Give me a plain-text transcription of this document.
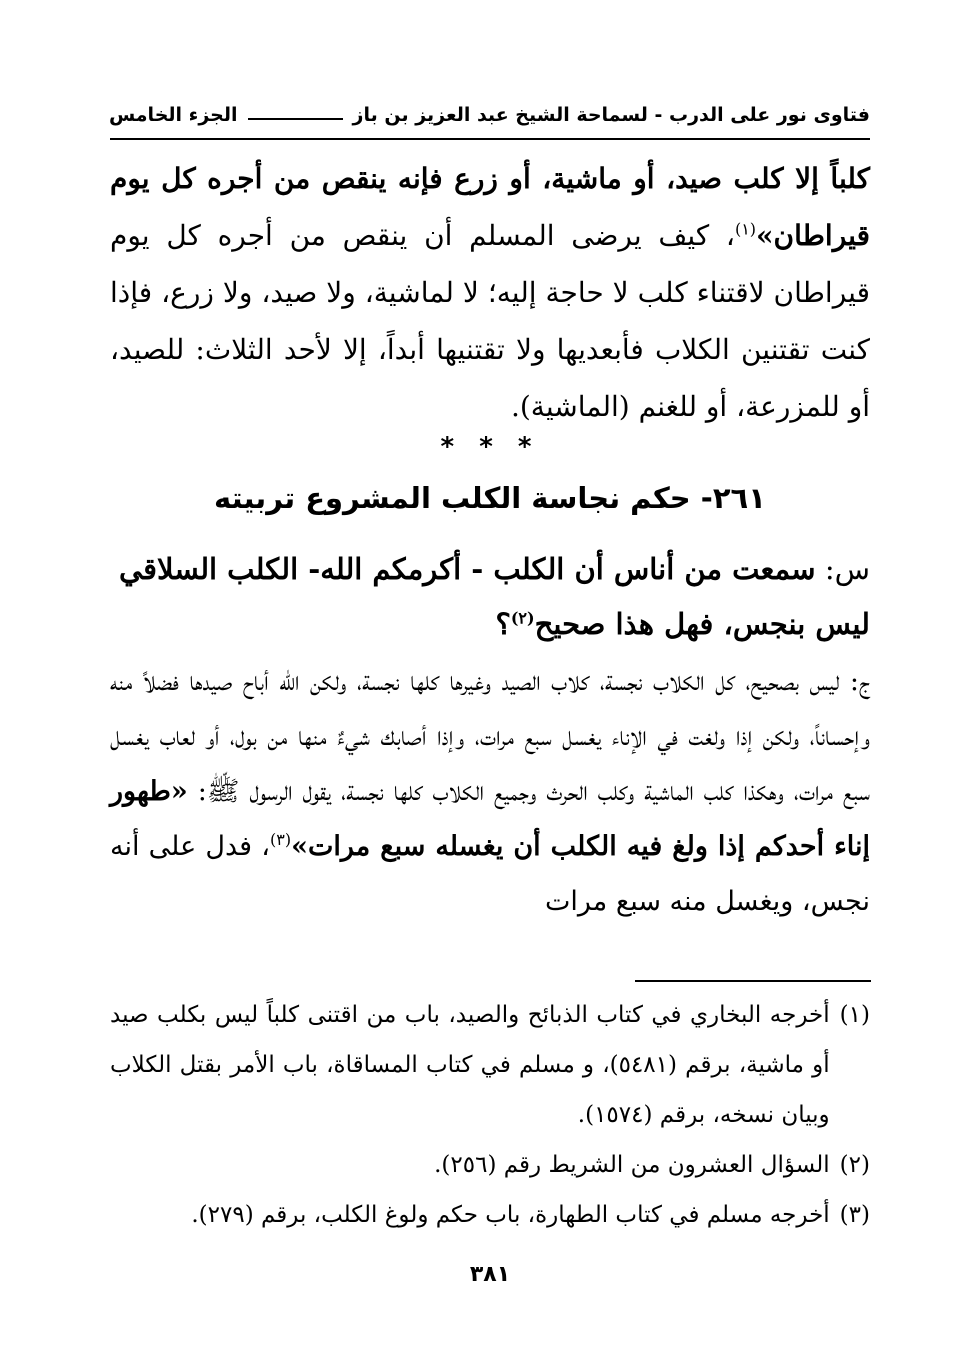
فتاوى نور على الدرب - لسماحة الشيخ عبد العزيز بن باز
الجزء الخامس
كلباً إلا كلب صيد، أو ماشية، أو زرع فإنه ينقص من أجره كل يوم قيراطان»$^{(١)}$، كيف يرضى المسلم أن ينقص من أجره كل يوم قيراطان لاقتناء كلب لا حاجة إليه؛ لا لماشية، ولا صيد، ولا زرع، فإذا كنت تقتنين الكلاب فأبعديها ولا تقتنيها أبداً، إلا لأحد الثلاث: للصيد، أو للمزرعة، أو للغنم (الماشية).
* * *
٢٦١- حكم نجاسة الكلب المشروع تربيته
س: سمعت من أناس أن الكلب - أكرمكم الله- الكلب السلاقي ليس بنجس، فهل هذا صحيح$^{(٢)}$؟
ج: ليس بصحيح، كل الكلاب نجسة، كلاب الصيد وغيرها كلها نجسة، ولكن الله أباح صيدها فضلاً منه وإحساناً، ولكن إذا ولغت في الإناء يغسل سبع مرات، وإذا أصابك شيءٌ منها من بول، أو لعاب يغسل سبع مرات، وهكذا كلب الماشية وكلب الحرث وجميع الكلاب كلها نجسة، يقول الرسول ﷺ: «طهور إناء أحدكم إذا ولغ فيه الكلب أن يغسله سبع مرات»$^{(٣)}$، فدل على أنه نجس، ويغسل منه سبع مرات
(١)
أخرجه البخاري في كتاب الذبائح والصيد، باب من اقتنى كلباً ليس بكلب صيد أو ماشية، برقم (٥٤٨١)، و مسلم في كتاب المساقاة، باب الأمر بقتل الكلاب وبيان نسخه، برقم (١٥٧٤).
(٢)
السؤال العشرون من الشريط رقم (٢٥٦).
(٣)
أخرجه مسلم في كتاب الطهارة، باب حكم ولوغ الكلب، برقم (٢٧٩).
٣٨١
